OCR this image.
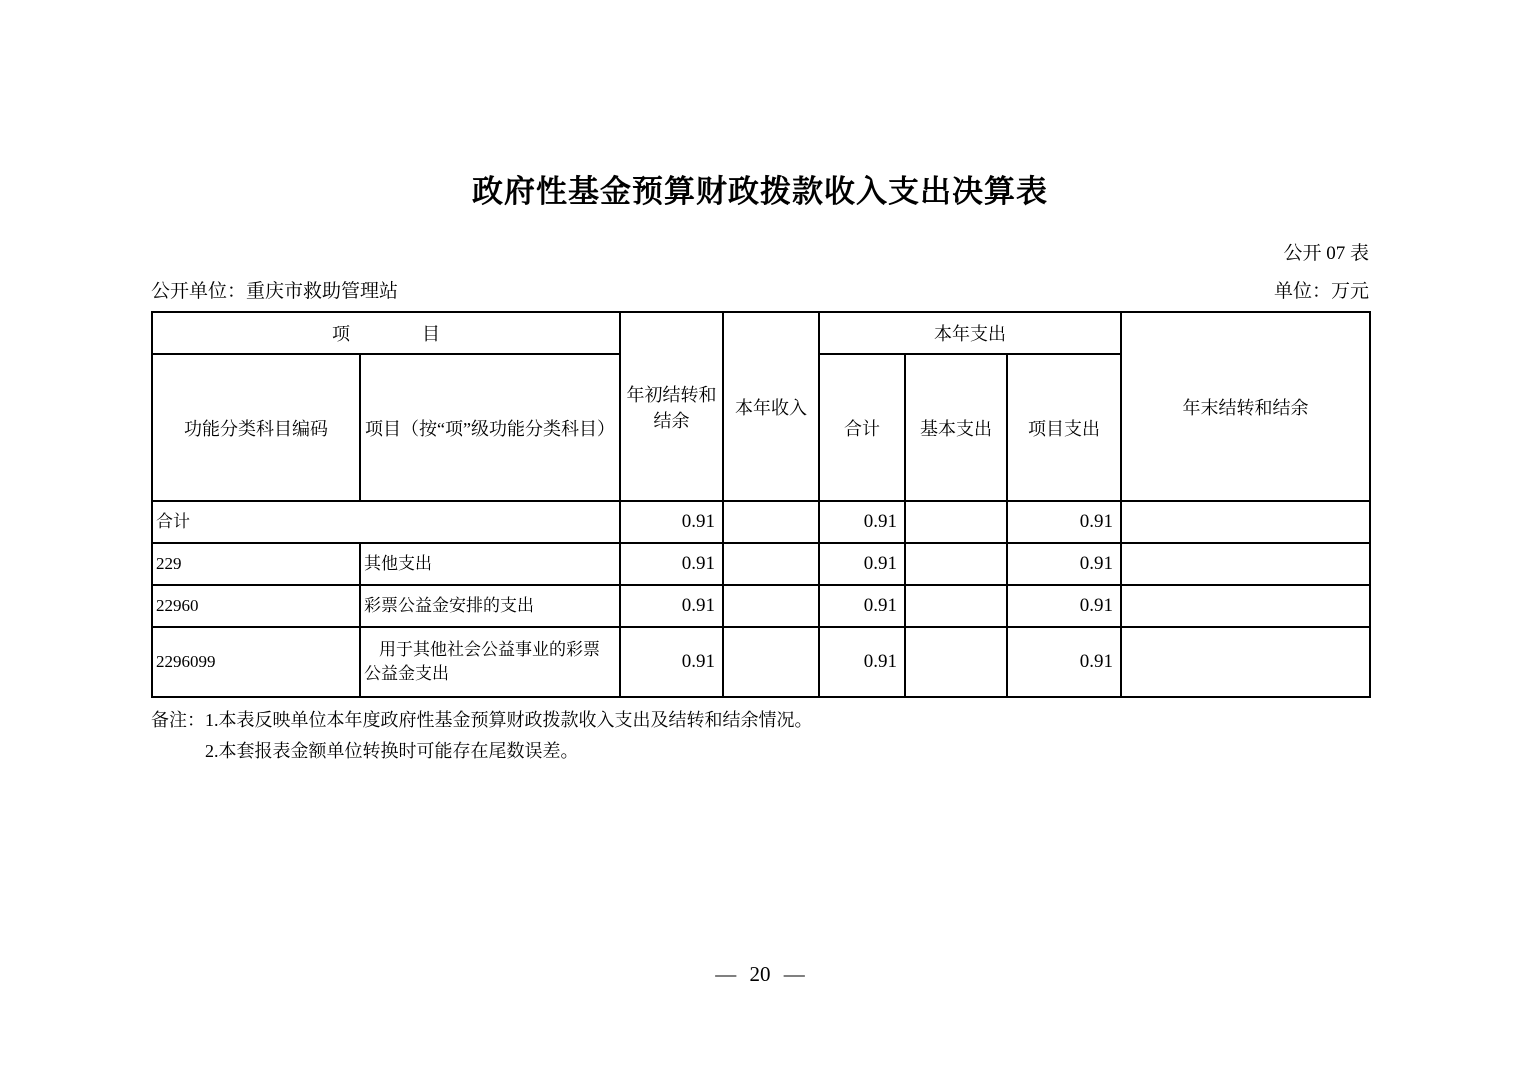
政府性基金预算财政拨款收入支出决算表
公开 07 表
公开单位：重庆市救助管理站	单位：万元
项　　　　目		年初结转和结余	本年收入	本年支出			年末结转和结余
功能分类科目编码	项目（按“项”级功能分类科目）			合计	基本支出	项目支出	
合计		0.91		0.91		0.91	
229	其他支出	0.91		0.91		0.91	
22960	彩票公益金安排的支出	0.91		0.91		0.91	
2296099	用于其他社会公益事业的彩票公益金支出	0.91		0.91		0.91	
备注：1.本表反映单位本年度政府性基金预算财政拨款收入支出及结转和结余情况。
2.本套报表金额单位转换时可能存在尾数误差。
— 20 —
